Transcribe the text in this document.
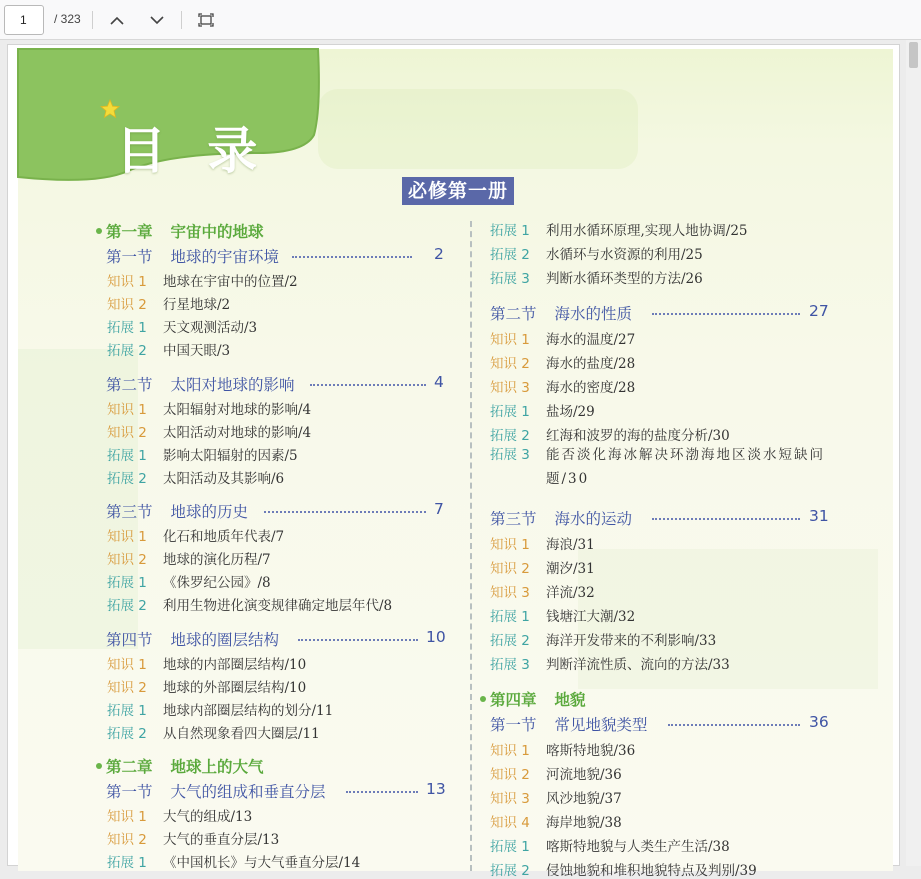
1
/ 323
目 录
必修第一册
第一章 宇宙中的地球
第一节 地球的宇宙环境	2
知识 1 地球在宇宙中的位置/2
知识 2 行星地球/2
拓展 1 天文观测活动/3
拓展 2 中国天眼/3
第二节 太阳对地球的影响	4
知识 1 太阳辐射对地球的影响/4
知识 2 太阳活动对地球的影响/4
拓展 1 影响太阳辐射的因素/5
拓展 2 太阳活动及其影响/6
第三节 地球的历史	7
知识 1 化石和地质年代表/7
知识 2 地球的演化历程/7
拓展 1 《侏罗纪公园》/8
拓展 2 利用生物进化演变规律确定地层年代/8
第四节 地球的圈层结构	10
知识 1 地球的内部圈层结构/10
知识 2 地球的外部圈层结构/10
拓展 1 地球内部圈层结构的划分/11
拓展 2 从自然现象看四大圈层/11
第二章 地球上的大气
第一节 大气的组成和垂直分层	13
知识 1 大气的组成/13
知识 2 大气的垂直分层/13
拓展 1 《中国机长》与大气垂直分层/14
拓展 1 利用水循环原理,实现人地协调/25
拓展 2 水循环与水资源的利用/25
拓展 3 判断水循环类型的方法/26
第二节 海水的性质	27
知识 1 海水的温度/27
知识 2 海水的盐度/28
知识 3 海水的密度/28
拓展 1 盐场/29
拓展 2 红海和波罗的海的盐度分析/30
拓展 3 能否淡化海冰解决环渤海地区淡水短缺问题/30
第三节 海水的运动	31
知识 1 海浪/31
知识 2 潮汐/31
知识 3 洋流/32
拓展 1 钱塘江大潮/32
拓展 2 海洋开发带来的不利影响/33
拓展 3 判断洋流性质、流向的方法/33
第四章 地貌
第一节 常见地貌类型	36
知识 1 喀斯特地貌/36
知识 2 河流地貌/36
知识 3 风沙地貌/37
知识 4 海岸地貌/38
拓展 1 喀斯特地貌与人类生产生活/38
拓展 2 侵蚀地貌和堆积地貌特点及判别/39
